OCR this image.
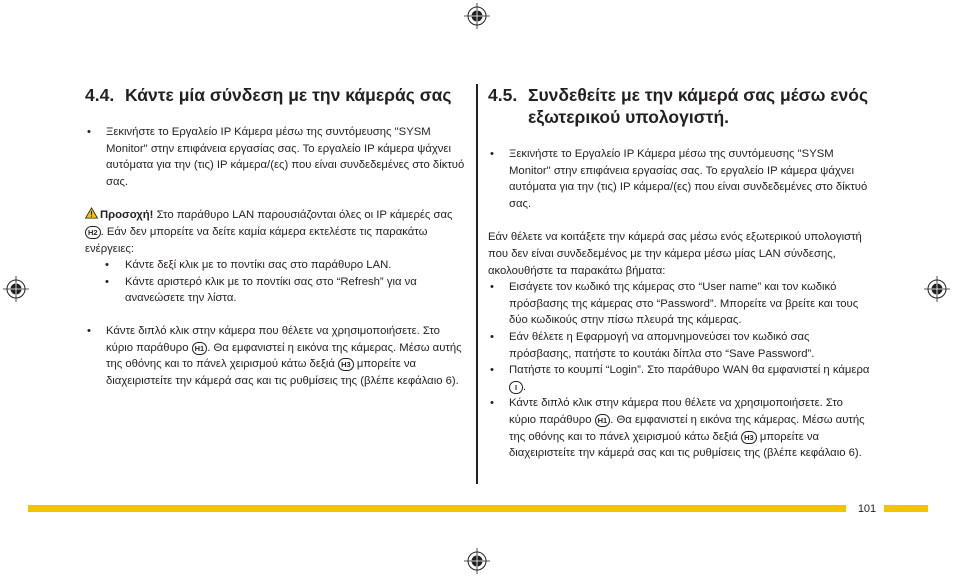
4.4. Κάντε μία σύνδεση με την κάμεράς σας
• Ξεκινήστε το Εργαλείο IP Κάμερα μέσω της συντόμευσης "SYSM Monitor" στην επιφάνεια εργασίας σας. Το εργαλείο IP κάμερα ψάχνει αυτόματα για την (τις) IP κάμερα/(ες) που είναι συνδεδεμένες στο δίκτυό σας.
Προσοχή! Στο παράθυρο LAN παρουσιάζονται όλες οι IP κάμερές σας H2 . Εάν δεν μπορείτε να δείτε καμία κάμερα εκτελέστε τις παρακάτω ενέργειες:
• Κάντε δεξί κλικ με το ποντίκι σας στο παράθυρο LAN.
• Κάντε αριστερό κλικ με το ποντίκι σας στο “Refresh” για να ανανεώσετε την λίστα.
• Κάντε διπλό κλικ στην κάμερα που θέλετε να χρησιμοποιήσετε. Στο κύριο παράθυρο H1 . Θα εμφανιστεί η εικόνα της κάμερας. Μέσω αυτής της οθόνης και το πάνελ χειρισμού κάτω δεξιά H3 μπορείτε να διαχειριστείτε την κάμερά σας και τις ρυθμίσεις της (βλέπε κεφάλαιο 6).
4.5. Συνδεθείτε με την κάμερά σας μέσω ενός εξωτερικού υπολογιστή.
• Ξεκινήστε το Εργαλείο IP Κάμερα μέσω της συντόμευσης "SYSM Monitor" στην επιφάνεια εργασίας σας. Το εργαλείο IP κάμερα ψάχνει αυτόματα για την (τις) IP κάμερα/(ες) που είναι συνδεδεμένες στο δίκτυό σας.
Εάν θέλετε να κοιτάξετε την κάμερά σας μέσω ενός εξωτερικού υπολογιστή που δεν είναι συνδεδεμένος με την κάμερα μέσω μίας LAN σύνδεσης, ακολουθήστε τα παρακάτω βήματα:
• Εισάγετε τον κωδικό της κάμερας στο “User name” και τον κωδικό πρόσβασης της κάμερας στο “Password”. Μπορείτε να βρείτε και τους δύο κωδικούς στην πίσω πλευρά της κάμερας.
• Εάν θέλετε η Εφαρμογή να απομνημονεύσει τον κωδικό σας πρόσβασης, πατήστε το κουτάκι δίπλα στο “Save Password”.
• Πατήστε το κουμπί “Login”. Στο παράθυρο WAN θα εμφανιστεί η κάμερα I .
• Κάντε διπλό κλικ στην κάμερα που θέλετε να χρησιμοποιήσετε. Στο κύριο παράθυρο H1 . Θα εμφανιστεί η εικόνα της κάμερας. Μέσω αυτής της οθόνης και το πάνελ χειρισμού κάτω δεξιά H3 μπορείτε να διαχειριστείτε την κάμερά σας και τις ρυθμίσεις της (βλέπε κεφάλαιο 6).
101
